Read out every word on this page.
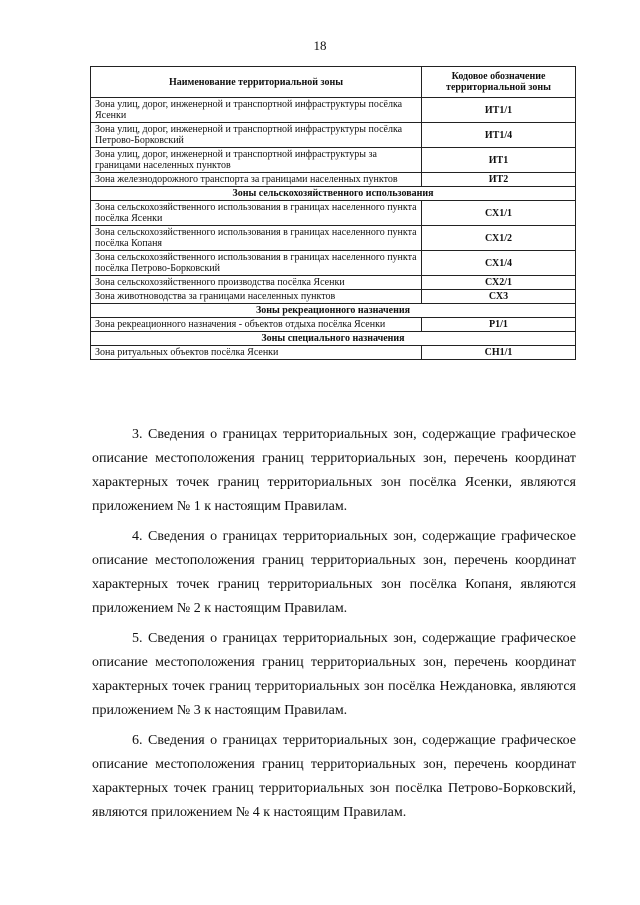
18
Наименование территориальной зоны	Кодовое обозначение территориальной зоны
Зона улиц, дорог, инженерной и транспортной инфраструктуры посёлка Ясенки	ИТ1/1
Зона улиц, дорог, инженерной и транспортной инфраструктуры посёлка Петрово-Борковский	ИТ1/4
Зона улиц, дорог, инженерной и транспортной инфраструктуры за границами населенных пунктов	ИТ1
Зона железнодорожного транспорта за границами населенных пунктов	ИТ2
Зоны сельскохозяйственного использования	
Зона сельскохозяйственного использования в границах населенного пункта посёлка Ясенки	СХ1/1
Зона сельскохозяйственного использования в границах населенного пункта посёлка Копаня	СХ1/2
Зона сельскохозяйственного использования в границах населенного пункта посёлка Петрово-Борковский	СХ1/4
Зона сельскохозяйственного производства посёлка Ясенки	СХ2/1
Зона животноводства за границами населенных пунктов	СХ3
Зоны рекреационного назначения	
Зона рекреационного назначения - объектов отдыха посёлка Ясенки	Р1/1
Зоны специального назначения	
Зона ритуальных объектов посёлка Ясенки	СН1/1

3. Сведения о границах территориальных зон, содержащие графическое описание местоположения границ территориальных зон, перечень координат характерных точек границ территориальных зон посёлка Ясенки, являются приложением № 1 к настоящим Правилам.

4. Сведения о границах территориальных зон, содержащие графическое описание местоположения границ территориальных зон, перечень координат характерных точек границ территориальных зон посёлка Копаня, являются приложением № 2 к настоящим Правилам.

5. Сведения о границах территориальных зон, содержащие графическое описание местоположения границ территориальных зон, перечень координат характерных точек границ территориальных зон посёлка Неждановка, являются приложением № 3 к настоящим Правилам.

6. Сведения о границах территориальных зон, содержащие графическое описание местоположения границ территориальных зон, перечень координат характерных точек границ территориальных зон посёлка Петрово-Борковский, являются приложением № 4 к настоящим Правилам.
